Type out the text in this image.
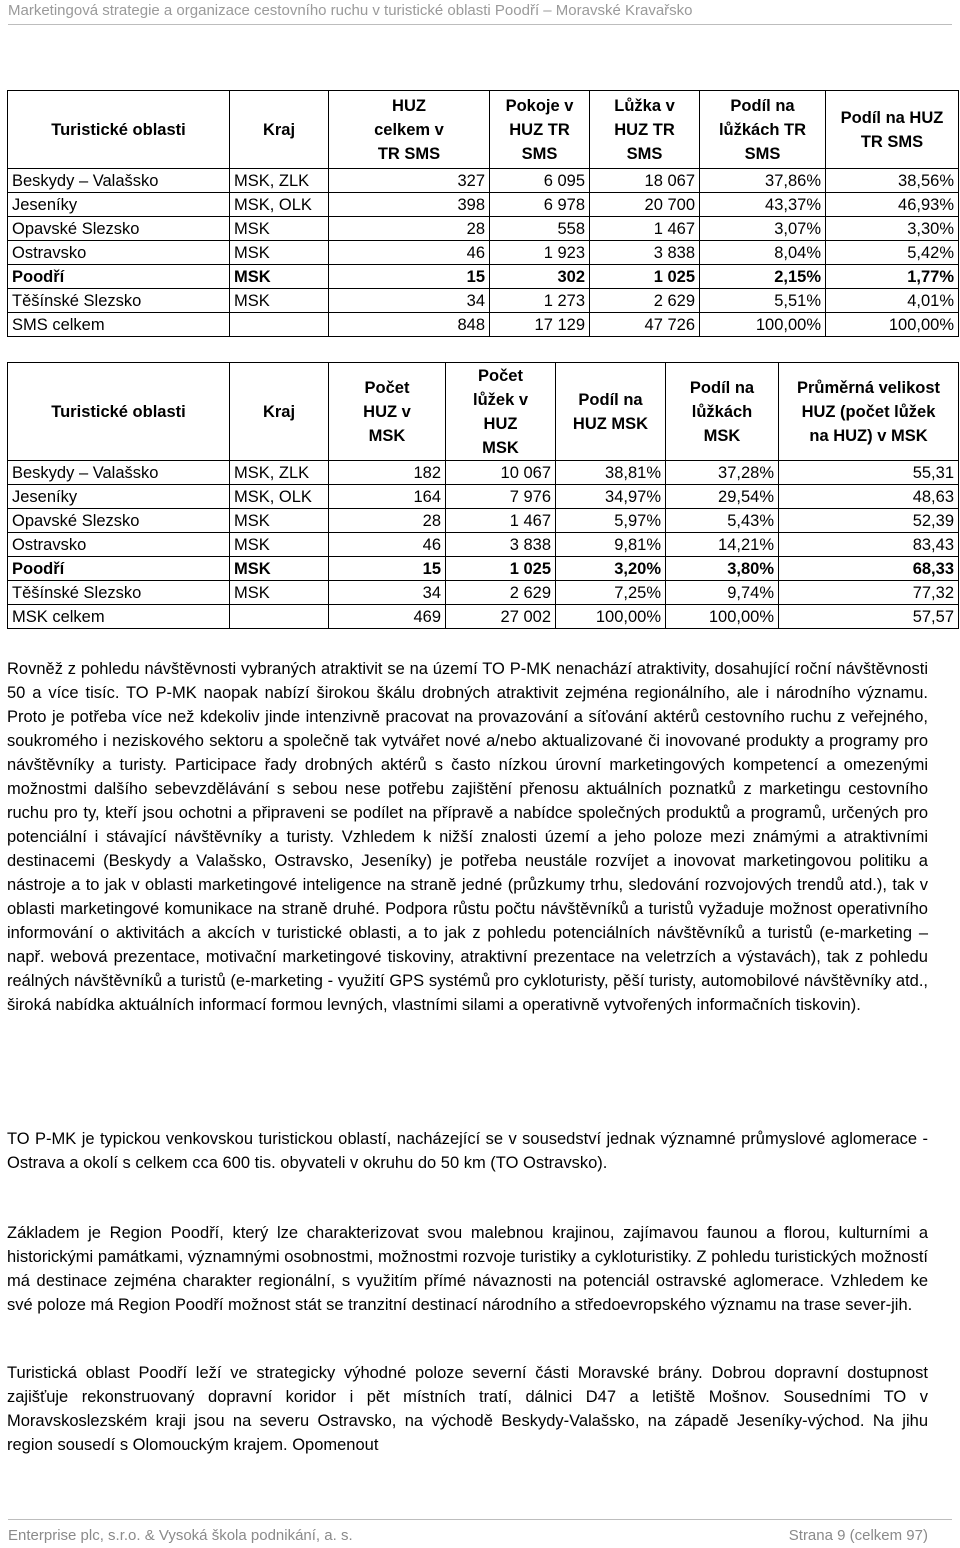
Marketingová strategie a organizace cestovního ruchu v turistické oblasti Poodří – Moravské Kravařsko
Turistické oblasti	Kraj	HUZ celkem v TR SMS	Pokoje v HUZ TR SMS	Lůžka v HUZ TR SMS	Podíl na lůžkách TR SMS	Podíl na HUZ TR SMS
Beskydy – Valašsko	MSK, ZLK	327	6 095	18 067	37,86%	38,56%
Jeseníky	MSK, OLK	398	6 978	20 700	43,37%	46,93%
Opavské Slezsko	MSK	28	558	1 467	3,07%	3,30%
Ostravsko	MSK	46	1 923	3 838	8,04%	5,42%
Poodří	MSK	15	302	1 025	2,15%	1,77%
Těšínské Slezsko	MSK	34	1 273	2 629	5,51%	4,01%
SMS celkem		848	17 129	47 726	100,00%	100,00%
Turistické oblasti	Kraj	Počet HUZ v MSK	Počet lůžek v HUZ MSK	Podíl na HUZ MSK	Podíl na lůžkách MSK	Průměrná velikost HUZ (počet lůžek na HUZ) v MSK
Beskydy – Valašsko	MSK, ZLK	182	10 067	38,81%	37,28%	55,31
Jeseníky	MSK, OLK	164	7 976	34,97%	29,54%	48,63
Opavské Slezsko	MSK	28	1 467	5,97%	5,43%	52,39
Ostravsko	MSK	46	3 838	9,81%	14,21%	83,43
Poodří	MSK	15	1 025	3,20%	3,80%	68,33
Těšínské Slezsko	MSK	34	2 629	7,25%	9,74%	77,32
MSK celkem		469	27 002	100,00%	100,00%	57,57

Rovněž z pohledu návštěvnosti vybraných atraktivit se na území TO P-MK nenachází atraktivity, dosahující roční návštěvnosti 50 a více tisíc. TO P-MK naopak nabízí širokou škálu drobných atraktivit zejména regionálního, ale i národního významu. Proto je potřeba více než kdekoliv jinde intenzivně pracovat na provazování a síťování aktérů cestovního ruchu z veřejného, soukromého i neziskového sektoru a společně tak vytvářet nové a/nebo aktualizované či inovované produkty a programy pro návštěvníky a turisty. Participace řady drobných aktérů s často nízkou úrovní marketingových kompetencí a omezenými možnostmi dalšího sebevzdělávání s sebou nese potřebu zajištění přenosu aktuálních poznatků z marketingu cestovního ruchu pro ty, kteří jsou ochotni a připraveni se podílet na přípravě a nabídce společných produktů a programů, určených pro potenciální i stávající návštěvníky a turisty. Vzhledem k nižší znalosti území a jeho poloze mezi známými a atraktivními destinacemi (Beskydy a Valašsko, Ostravsko, Jeseníky) je potřeba neustále rozvíjet a inovovat marketingovou politiku a nástroje a to jak v oblasti marketingové inteligence na straně jedné (průzkumy trhu, sledování rozvojových trendů atd.), tak v oblasti marketingové komunikace na straně druhé. Podpora růstu počtu návštěvníků a turistů vyžaduje možnost operativního informování o aktivitách a akcích v turistické oblasti, a to jak z pohledu potenciálních návštěvníků a turistů (e-marketing – např. webová prezentace, motivační marketingové tiskoviny, atraktivní prezentace na veletrzích a výstavách), tak z pohledu reálných návštěvníků a turistů (e-marketing - využití GPS systémů pro cykloturisty, pěší turisty, automobilové návštěvníky atd., široká nabídka aktuálních informací formou levných, vlastními silami a operativně vytvořených informačních tiskovin).

TO P-MK je typickou venkovskou turistickou oblastí, nacházející se v sousedství jednak významné průmyslové aglomerace - Ostrava a okolí s celkem cca 600 tis. obyvateli v okruhu do 50 km (TO Ostravsko).

Základem je Region Poodří, který lze charakterizovat svou malebnou krajinou, zajímavou faunou a florou, kulturními a historickými památkami, významnými osobnostmi, možnostmi rozvoje turistiky a cykloturistiky. Z pohledu turistických možností má destinace zejména charakter regionální, s využitím přímé návaznosti na potenciál ostravské aglomerace. Vzhledem ke své poloze má Region Poodří možnost stát se tranzitní destinací národního a středoevropského významu na trase sever-jih.

Turistická oblast Poodří leží ve strategicky výhodné poloze severní části Moravské brány. Dobrou dopravní dostupnost zajišťuje rekonstruovaný dopravní koridor i pět místních tratí, dálnici D47 a letiště Mošnov. Sousedními TO v Moravskoslezském kraji jsou na severu Ostravsko, na východě Beskydy-Valašsko, na západě Jeseníky-východ. Na jihu region sousedí s Olomouckým krajem. Opomenout

Enterprise plc, s.r.o. & Vysoká škola podnikání, a. s.	Strana 9 (celkem 97)
